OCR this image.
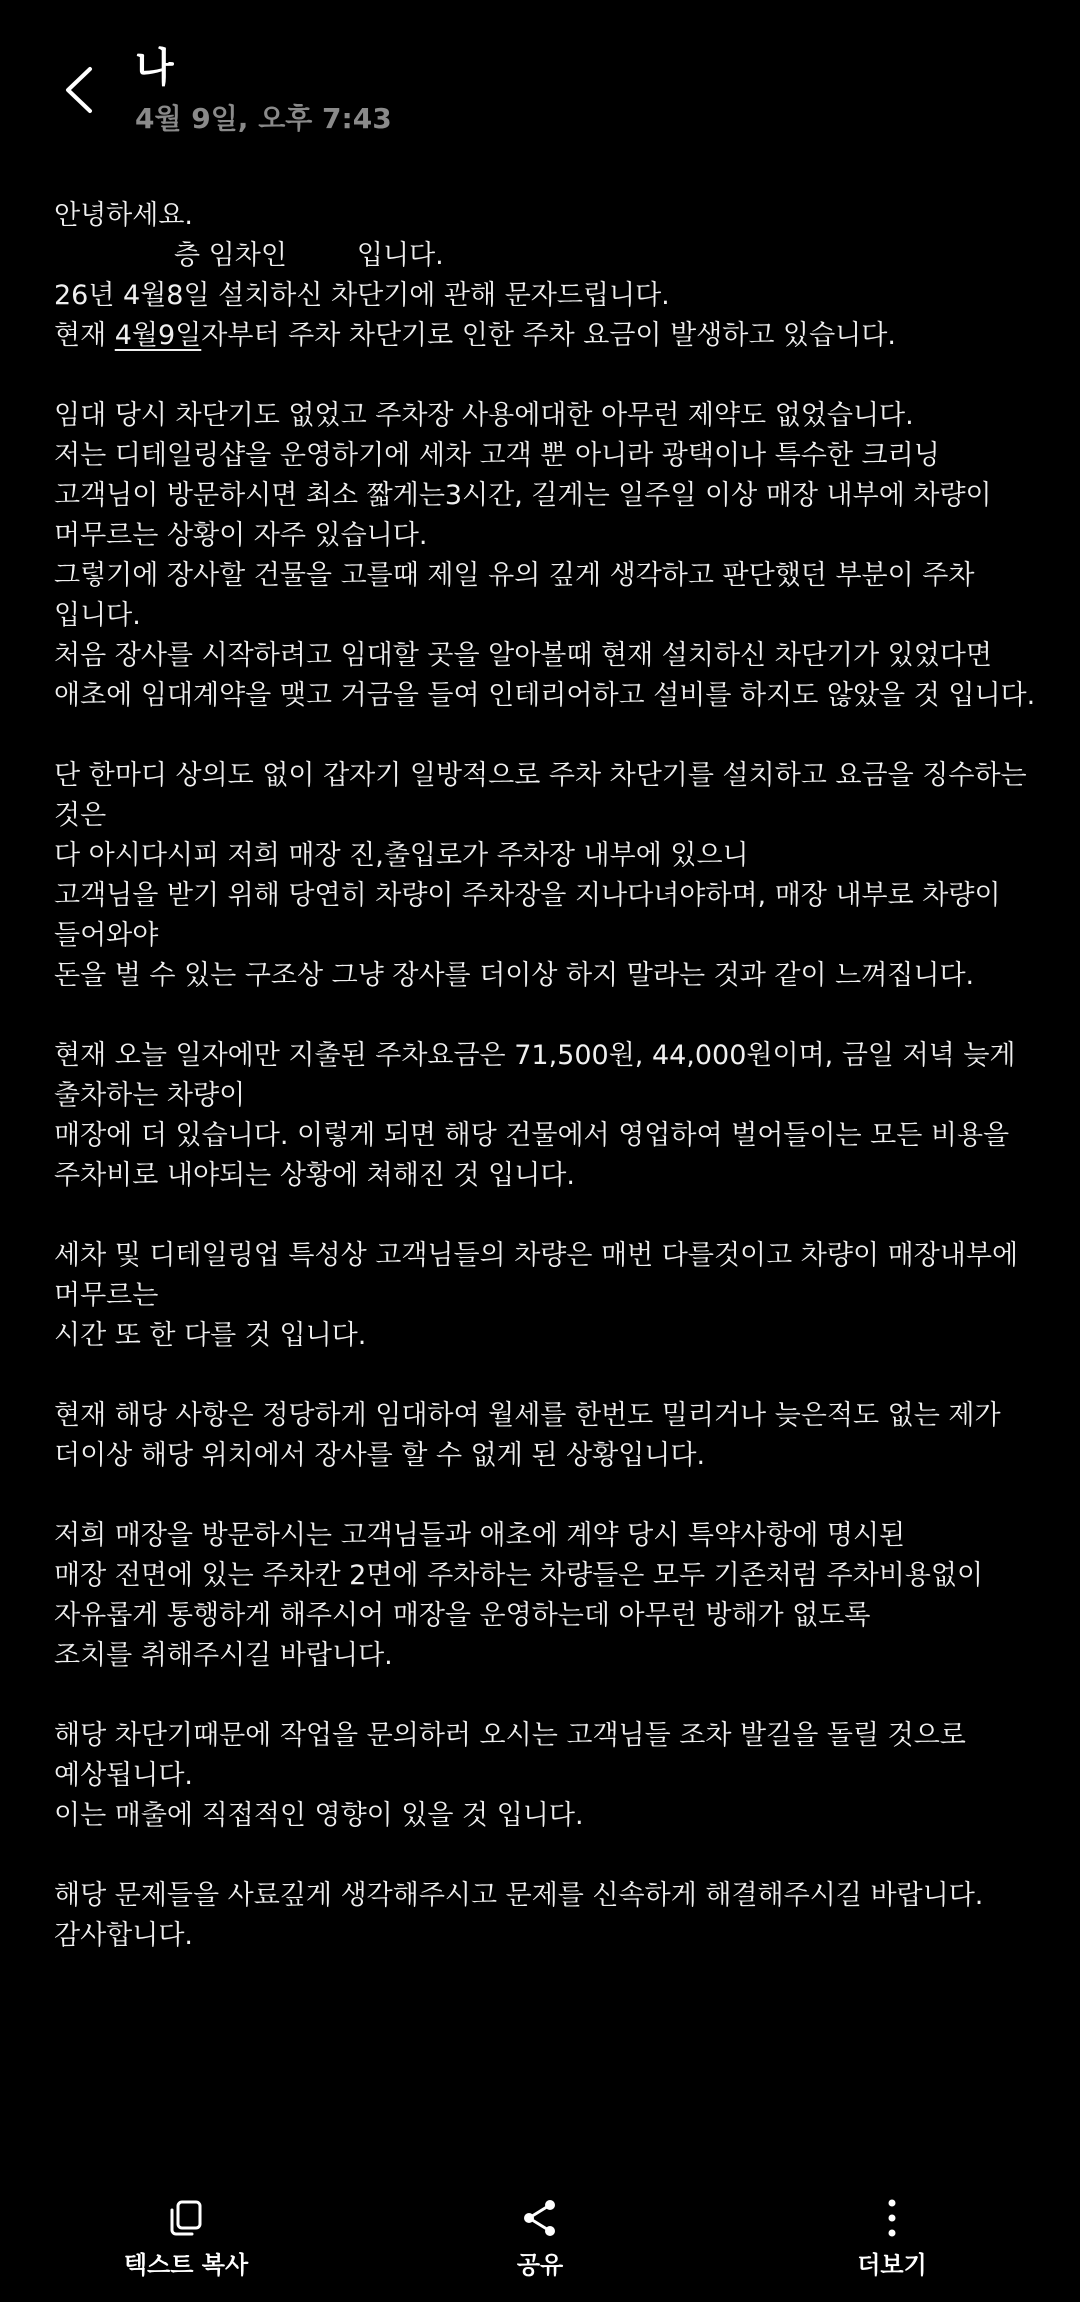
나
4월 9일, 오후 7:43
안녕하세요.
층 임차인	입니다.
26년 4월8일 설치하신 차단기에 관해 문자드립니다.
현재 4월9일자부터 주차 차단기로 인한 주차 요금이 발생하고 있습니다.
임대 당시 차단기도 없었고 주차장 사용에대한 아무런 제약도 없었습니다.
저는 디테일링샵을 운영하기에 세차 고객 뿐 아니라 광택이나 특수한 크리닝
고객님이 방문하시면 최소 짧게는3시간, 길게는 일주일 이상 매장 내부에 차량이
머무르는 상황이 자주 있습니다.
그렇기에 장사할 건물을 고를때 제일 유의 깊게 생각하고 판단했던 부분이 주차
입니다.
처음 장사를 시작하려고 임대할 곳을 알아볼때 현재 설치하신 차단기가 있었다면
애초에 임대계약을 맺고 거금을 들여 인테리어하고 설비를 하지도 않았을 것 입니다.
단 한마디 상의도 없이 갑자기 일방적으로 주차 차단기를 설치하고 요금을 징수하는
것은
다 아시다시피 저희 매장 진,출입로가 주차장 내부에 있으니
고객님을 받기 위해 당연히 차량이 주차장을 지나다녀야하며, 매장 내부로 차량이
들어와야
돈을 벌 수 있는 구조상 그냥 장사를 더이상 하지 말라는 것과 같이 느껴집니다.
현재 오늘 일자에만 지출된 주차요금은 71,500원, 44,000원이며, 금일 저녁 늦게
출차하는 차량이
매장에 더 있습니다. 이렇게 되면 해당 건물에서 영업하여 벌어들이는 모든 비용을
주차비로 내야되는 상황에 쳐해진 것 입니다.
세차 및 디테일링업 특성상 고객님들의 차량은 매번 다를것이고 차량이 매장내부에
머무르는
시간 또 한 다를 것 입니다.
현재 해당 사항은 정당하게 임대하여 월세를 한번도 밀리거나 늦은적도 없는 제가
더이상 해당 위치에서 장사를 할 수 없게 된 상황입니다.
저희 매장을 방문하시는 고객님들과 애초에 계약 당시 특약사항에 명시된
매장 전면에 있는 주차칸 2면에 주차하는 차량들은 모두 기존처럼 주차비용없이
자유롭게 통행하게 해주시어 매장을 운영하는데 아무런 방해가 없도록
조치를 취해주시길 바랍니다.
해당 차단기때문에 작업을 문의하러 오시는 고객님들 조차 발길을 돌릴 것으로
예상됩니다.
이는 매출에 직접적인 영향이 있을 것 입니다.
해당 문제들을 사료깊게 생각해주시고 문제를 신속하게 해결해주시길 바랍니다.
감사합니다.
텍스트 복사	공유	더보기
